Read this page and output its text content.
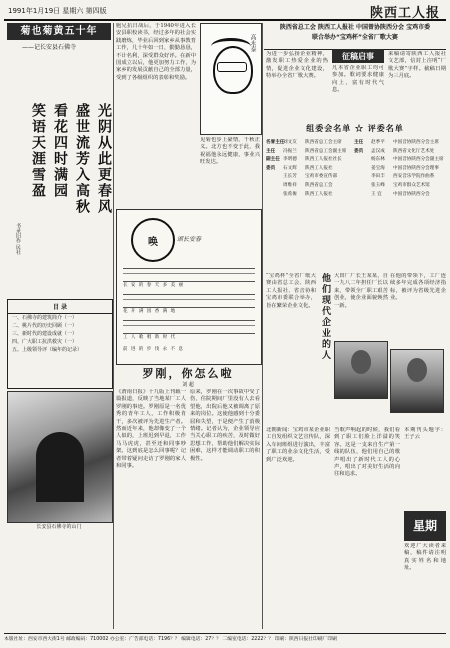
1991年1月19日 星期六 第四版	陕西工人报
菊也菊黄五十年
——记长安县石佛寺
光阴从此更春风
盛世流芳入高秋
看花四时满园
笑语天涯雪盈
书录旧作 民社
目 录
一、石佛寺的建筑简介（一）
二、桃片代的历史回顾（一）
三、新时代的建设成就（一）
四、广大职工抗洪救灾（一）
五、上级领导评（编年的记录）
长安县石佛寺的山门
胞兄抗日战后，于1940年进入长安县职校读书，经过多年的社会实践磨炼，毕业后回到家乡从事教育工作，几十年如一日，勤勤恳恳，不计名利，深受群众好评。在新中国成立以后，他更加努力工作，为家乡的发展贡献自己的全部力量，受到了各级组织的表彰和奖励。
高永泰
见菊也步上豪情，千秋正义。北方也不变于此，我祝福他永远健康，事业兴旺发达。
唤	颂长安春
长 安 的 春 天 多 美 丽
花 开 满 园 香 满 地
工 人 歌 唱 新 时 代
前 进 的 步 伐 永 不 息
罗刚，你怎么啦
刘 超
《渭南日报》十九版上刊载一篇报道，反映了当地某厂工人罗刚的事迹。罗刚原是一名优秀的青年工人，工作积极肯干，多次被评为先进生产者。然而近年来，他却像变了一个人似的，上班迟到早退，工作马马虎虎，甚至还和同事吵架。这到底是怎么回事呢？记者带着疑问走访了罗刚的家人和同事。
原来，罗刚在一次事故中受了伤，住院期间厂里没有人去看望他，出院后他又被调离了原来的岗位。这使他感到十分委屈和失望，于是便产生了消极情绪。记者认为，企业领导应当关心职工的疾苦，及时做好思想工作，帮助他们解决实际困难，这样才能调动职工的积极性。
陕西省总工会 陕西工人报社 中国曾协陕西分会 宝鸡市委
联合举办“宝鸡杯”全省厂歌大赛
为进一步弘扬企业精神，激发职工热爱企业的热情，促进企业文化建设，特举办全省厂歌大赛。
征稿启事
凡本省企业职工均可参加。歌词要求健康向上，富有时代气息。
来稿请寄陕西工人报社文艺部，信封上注明“厂歌大赛”字样。截稿日期为三月底。
组委会名单 ☆ 评委名单
名誉主任刘文友 陕西省总工会主席
主任 冯振兰 陕西省总工会副主席
副主任 李明德 陕西工人报社社长
委员 石文辉 陕西工人报社
王长芳 宝鸡市委宣传部
周维祥 陕西省总工会
张希俊 陕西工人报社
主任 赵季平 中国音协陕西分会主席
委员 孟汉成 陕西省文化厅艺术处
杨东林 中国音协陕西分会副主席
姜宝海 中国音协陕西分会理事
李田丰 西安音乐学院作曲系
张玉峰 宝鸡市群众艺术馆
王 宜 中国音协陕西分会
“宝鸡杯”全省厂歌大赛由省总工会、陕西工人报社、省音协和宝鸡市委联合举办，旨在繁荣企业文化。 他们现代企业的人 大田厂厂长王某某，自一九八二年担任厂长以来，带领全厂职工艰苦创业，使企业面貌焕然一新。
在他的带领下，工厂连续多年完成各项经济指标，被评为省级先进企业。
北朝新闻：宝鸡市某企业职工自发组织文艺宣传队，深入车间班组进行演出，丰富了职工的业余文化生活，受到广泛欢迎。
当歌声响起的时候，我们看到了职工们脸上洋溢的笑容。这是一支来自生产第一线的队伍，他们用自己的歌声唱出了新时代工人的心声，唱出了对美好生活的向往和追求。
本期刊头题字：王子云
星期
欢迎广大读者来稿，稿件请注明真实姓名和地址。
本版社址：西安市西大街1号 邮政编码：710002 办公室：广告部电话：7196？？ 编辑电话：27？？ 二编室电话：2222？？ 印刷：陕西日报社印刷厂印刷
